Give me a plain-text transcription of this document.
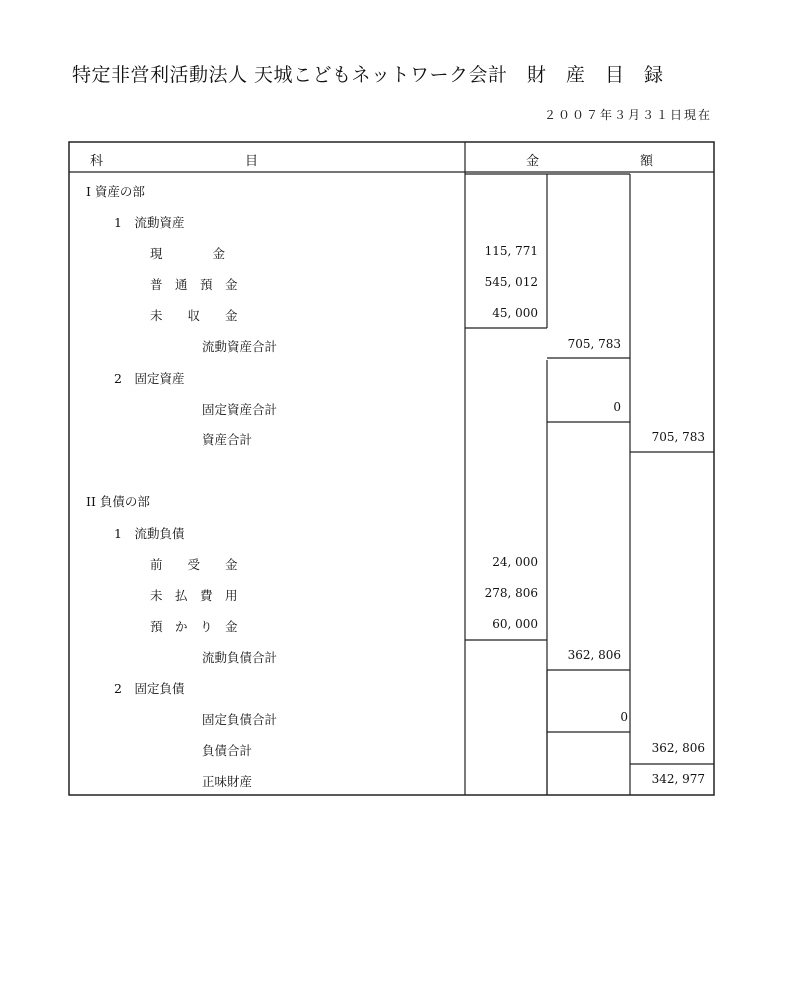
特定非営利活動法人 天城こどもネットワーク会計　財　産　目　録
２００７年３月３１日現在
科	目	金	額
I 資産の部
1　流動資産
現　　　　金	115, 771
普　通　預　金	545, 012
未　　収　　金	45, 000
流動資産合計	705, 783
2　固定資産
固定資産合計	0
資産合計	705, 783
II 負債の部
1　流動負債
前　　受　　金	24, 000
未　払　費　用	278, 806
預　か　り　金	60, 000
流動負債合計	362, 806
2　固定負債
固定負債合計	0
負債合計	362, 806
正味財産	342, 977
